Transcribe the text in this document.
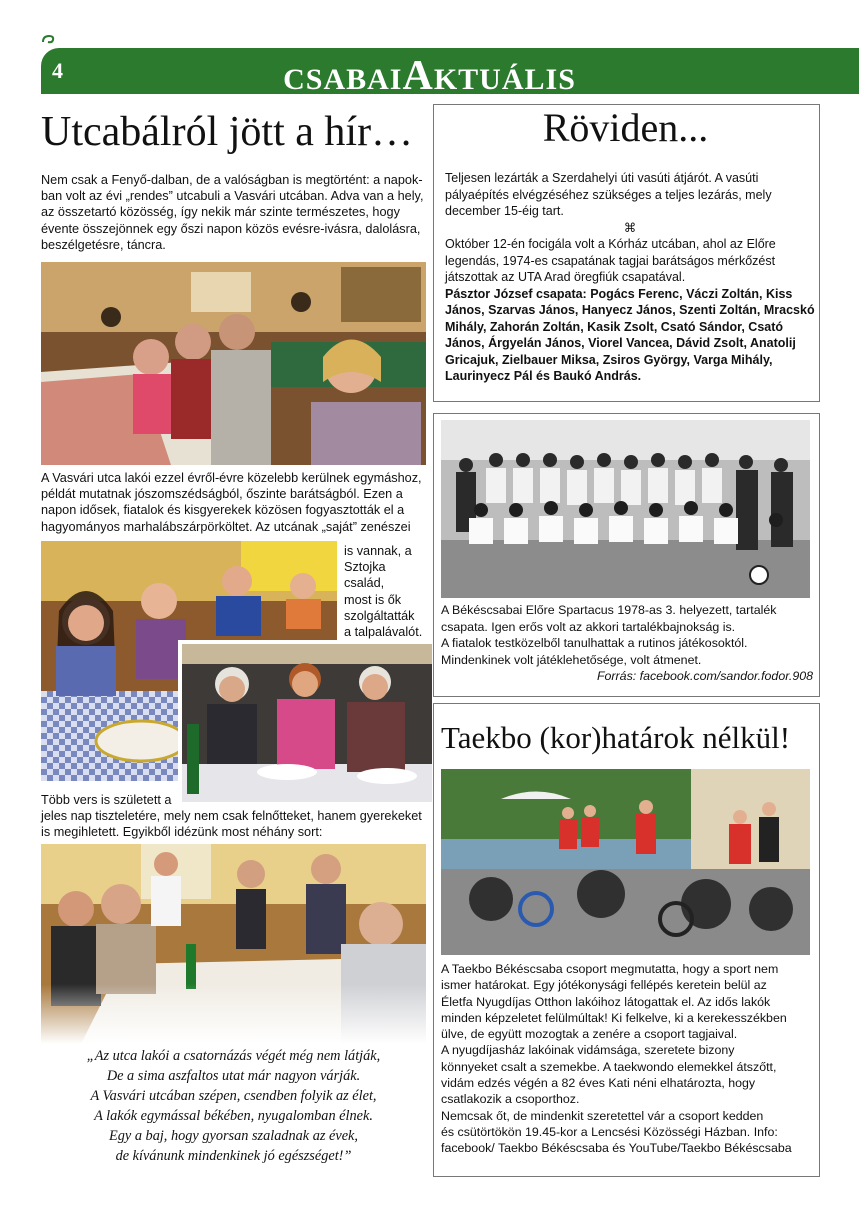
4	CSABAIAKTUÁLIS
Utcabálról jött a hír…
Nem csak a Fenyő-dalban, de a valóságban is megtörtént: a napok-
ban volt az évi „rendes” utcabuli a Vasvári utcában. Adva van a hely,
az összetartó közösség, így nekik már szinte természetes, hogy
évente összejönnek egy őszi napon közös evésre-ivásra, dalolásra,
beszélgetésre, táncra.
A Vasvári utca lakói ezzel évről-évre közelebb kerülnek egymáshoz,
példát mutatnak jószomszédságból, őszinte barátságból. Ezen a
napon idősek, fiatalok és kisgyerekek közösen fogyasztották el a
hagyományos marhalábszárpörköltet. Az utcának „saját” zenészei
is vannak, a
Sztojka család,
most is ők
szolgáltatták
a talpalávalót.
Több vers is született a
jeles nap tiszteletére, mely nem csak felnőtteket, hanem gyerekeket
is megihletett. Egyikből idézünk most néhány sort:
„Az utca lakói a csatornázás végét még nem látják,
De a sima aszfaltos utat már nagyon várják.
A Vasvári utcában szépen, csendben folyik az élet,
A lakók egymással békében, nyugalomban élnek.
Egy a baj, hogy gyorsan szaladnak az évek,
de kívánunk mindenkinek jó egészséget!”
Röviden...
Teljesen lezárták a Szerdahelyi úti vasúti átjárót. A vasúti
pályaépítés elvégzéséhez szükséges a teljes lezárás, mely
december 15-éig tart.
⌘
Október 12-én focigála volt a Kórház utcában, ahol az Előre
legendás, 1974-es csapatának tagjai barátságos mérkőzést
játszottak az UTA Arad öregfiúk csapatával.
Pásztor József csapata: Pogács Ferenc, Váczi Zoltán, Kiss
János, Szarvas János, Hanyecz János, Szenti Zoltán, Mracskó
Mihály, Zahorán Zoltán, Kasik Zsolt, Csató Sándor, Csató
János, Árgyelán János, Viorel Vancea, Dávid Zsolt, Anatolij
Gricajuk, Zielbauer Miksa, Zsiros György, Varga Mihály,
Laurinyecz Pál és Baukó András.
A Békéscsabai Előre Spartacus 1978-as 3. helyezett, tartalék
csapata. Igen erős volt az akkori tartalékbajnokság is.
A fiatalok testközelből tanulhattak a rutinos játékosoktól.
Mindenkinek volt játéklehetősége, volt átmenet.
Forrás: facebook.com/sandor.fodor.908
Taekbo (kor)határok nélkül!
A Taekbo Békéscsaba csoport megmutatta, hogy a sport nem
ismer határokat. Egy jótékonysági fellépés keretein belül az
Életfa Nyugdíjas Otthon lakóihoz látogattak el. Az idős lakók
minden képzeletet felülmúltak! Ki felkelve, ki a kerekesszékben
ülve, de együtt mozogtak a zenére a csoport tagjaival.
A nyugdíjasház lakóinak vidámsága, szeretete bizony
könnyeket csalt a szemekbe. A taekwondo elemekkel átszőtt,
vidám edzés végén a 82 éves Kati néni elhatározta, hogy
csatlakozik a csoporthoz.
Nemcsak őt, de mindenkit szeretettel vár a csoport kedden
és csütörtökön 19.45-kor a Lencsési Közösségi Házban. Info:
facebook/ Taekbo Békéscsaba és YouTube/Taekbo Békéscsaba
